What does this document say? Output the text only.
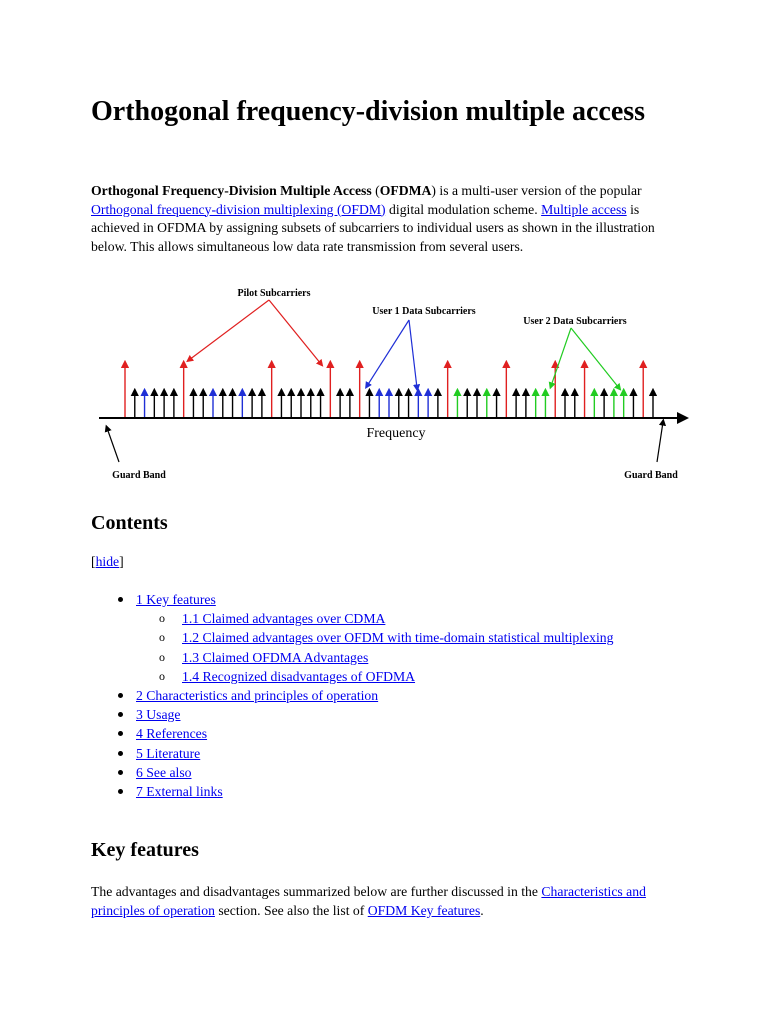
Orthogonal frequency-division multiple access

Orthogonal Frequency-Division Multiple Access (OFDMA) is a multi-user version of the popular Orthogonal frequency-division multiplexing (OFDM) digital modulation scheme. Multiple access is achieved in OFDMA by assigning subsets of subcarriers to individual users as shown in the illustration below. This allows simultaneous low data rate transmission from several users.

Frequency
Pilot Subcarriers
User 1 Data Subcarriers
User 2 Data Subcarriers
Guard Band	Guard Band
Contents
[hide]
1 Key features
o 1.1 Claimed advantages over CDMA
o 1.2 Claimed advantages over OFDM with time-domain statistical multiplexing
o 1.3 Claimed OFDMA Advantages
o 1.4 Recognized disadvantages of OFDMA
2 Characteristics and principles of operation
3 Usage
4 References
5 Literature
6 See also
7 External links
Key features

The advantages and disadvantages summarized below are further discussed in the Characteristics and principles of operation section. See also the list of OFDM Key features.
